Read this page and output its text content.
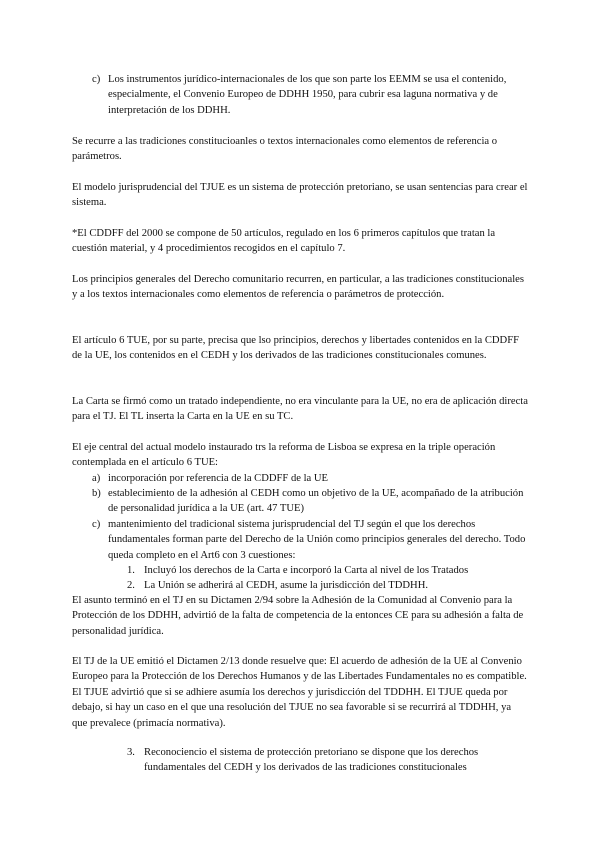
c) Los instrumentos jurídico-internacionales de los que son parte los EEMM se usa el contenido, especialmente, el Convenio Europeo de DDHH 1950, para cubrir esa laguna normativa y de interpretación de los DDHH.

Se recurre a las tradiciones constitucioanles o textos internacionales como elementos de referencia o parámetros.

El modelo jurisprudencial del TJUE es un sistema de protección pretoriano, se usan sentencias para crear el sistema.

*El CDDFF del 2000 se compone de 50 artículos, regulado en los 6 primeros capítulos que tratan la cuestión material, y 4 procedimientos recogidos en el capítulo 7.

Los principios generales del Derecho comunitario recurren, en particular, a las tradiciones constitucionales y a los textos internacionales como elementos de referencia o parámetros de protección.

El artículo 6 TUE, por su parte, precisa que lso principios, derechos y libertades contenidos en la CDDFF de la UE, los contenidos en el CEDH y los derivados de las tradiciones constitucionales comunes.

La Carta se firmó como un tratado independiente, no era vinculante para la UE, no era de aplicación directa para el TJ. El TL inserta la Carta en la UE en su TC.

El eje central del actual modelo instaurado trs la reforma de Lisboa se expresa en la triple operación contemplada en el artículo 6 TUE:

a) incorporación por referencia de la CDDFF de la UE
b) establecimiento de la adhesión al CEDH como un objetivo de la UE, acompañado de la atribución de personalidad jurídica a la UE (art. 47 TUE)
c) mantenimiento del tradicional sistema jurisprudencial del TJ según el que los derechos fundamentales forman parte del Derecho de la Unión como principios generales del derecho. Todo queda completo en el Art6 con 3 cuestiones:
1. Incluyó los derechos de la Carta e incorporó la Carta al nivel de los Tratados
2. La Unión se adherirá al CEDH, asume la jurisdicción del TDDHH.

El asunto terminó en el TJ en su Dictamen 2/94 sobre la Adhesión de la Comunidad al Convenio para la Protección de los DDHH, advirtió de la falta de competencia de la entonces CE para su adhesión a falta de personalidad jurídica.

El TJ de la UE emitió el Dictamen 2/13 donde resuelve que: El acuerdo de adhesión de la UE al Convenio Europeo para la Protección de los Derechos Humanos y de las Libertades Fundamentales no es compatible. El TJUE advirtió que si se adhiere asumía los derechos y jurisdicción del TDDHH. El TJUE queda por debajo, si hay un caso en el que una resolución del TJUE no sea favorable si se recurrirá al TDDHH, ya que prevalece (primacía normativa).

3. Reconociencio el sistema de protección pretoriano se dispone que los derechos fundamentales del CEDH y los derivados de las tradiciones constitucionales
